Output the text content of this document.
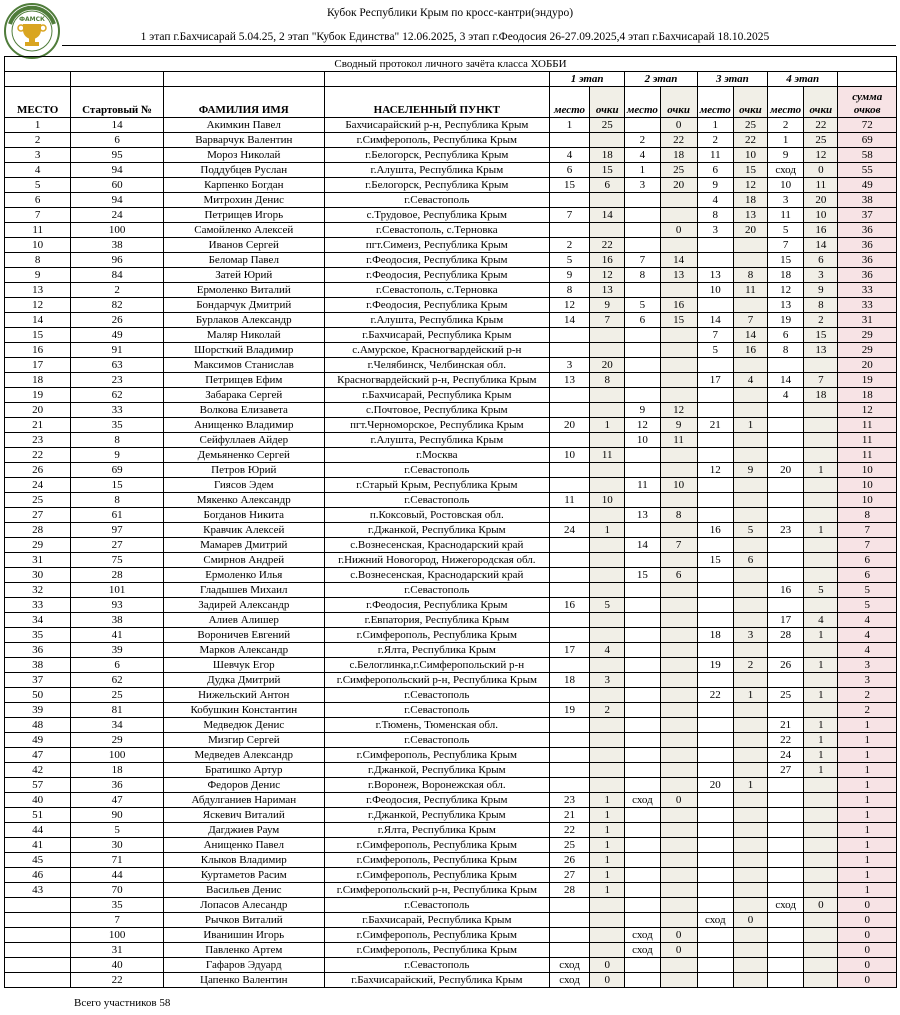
ФАМСК
Кубок Республики Крым по кросс-кантри(эндуро)
1 этап г.Бахчисарай 5.04.25, 2 этап "Кубок Единства" 12.06.2025, 3 этап г.Феодосия 26-27.09.2025,4 этап г.Бахчисарай 18.10.2025
Сводный протокол личного зачёта класса ХОББИ												
				1 этап		2 этап		3 этап		4 этап		
МЕСТО	Стартовый №	ФАМИЛИЯ ИМЯ	НАСЕЛЕННЫЙ ПУНКТ	место	очки	место	очки	место	очки	место	очки	сумма
очков
1	14	Акимкин Павел	Бахчисарайский р-н, Республика Крым	1	25		0	1	25	2	22	72
2	6	Варварчук Валентин	г.Симферополь, Республика Крым			2	22	2	22	1	25	69
3	95	Мороз Николай	г.Белогорск, Республика Крым	4	18	4	18	11	10	9	12	58
4	94	Поддубцев Руслан	г.Алушта, Республика Крым	6	15	1	25	6	15	сход	0	55
5	60	Карпенко Богдан	г.Белогорск, Республика Крым	15	6	3	20	9	12	10	11	49
6	94	Митрохин Денис	г.Севастополь					4	18	3	20	38
7	24	Петрищев Игорь	с.Трудовое, Республика Крым	7	14			8	13	11	10	37
11	100	Самойленко Алексей	г.Севастополь, с.Терновка				0	3	20	5	16	36
10	38	Иванов Сергей	пгт.Симеиз, Республика Крым	2	22					7	14	36
8	96	Беломар Павел	г.Феодосия, Республика Крым	5	16	7	14			15	6	36
9	84	Затей Юрий	г.Феодосия, Республика Крым	9	12	8	13	13	8	18	3	36
13	2	Ермоленко Виталий	г.Севастополь, с.Терновка	8	13			10	11	12	9	33
12	82	Бондарчук Дмитрий	г.Феодосия, Республика Крым	12	9	5	16			13	8	33
14	26	Бурлаков Александр	г.Алушта, Республика Крым	14	7	6	15	14	7	19	2	31
15	49	Маляр Николай	г.Бахчисарай, Республика Крым					7	14	6	15	29
16	91	Шорсткий Владимир	с.Амурское, Красногвардейский р-н					5	16	8	13	29
17	63	Максимов Станислав	г.Челябинск, Челбинская обл.	3	20							20
18	23	Петрищев Ефим	Красногвардейский р-н, Республика Крым	13	8			17	4	14	7	19
19	62	Забарака Сергей	г.Бахчисарай, Республика Крым							4	18	18
20	33	Волкова Елизавета	с.Почтовое, Республика Крым			9	12					12
21	35	Анищенко Владимир	пгт.Черноморское, Республика Крым	20	1	12	9	21	1			11
23	8	Сейфуллаев Айдер	г.Алушта, Республика Крым			10	11					11
22	9	Демьяненко Сергей	г.Москва	10	11							11
26	69	Петров Юрий	г.Севастополь					12	9	20	1	10
24	15	Гиясов Эдем	г.Старый Крым, Республика Крым			11	10					10
25	8	Мякенко Александр	г.Севастополь	11	10							10
27	61	Богданов Никита	п.Коксовый, Ростовская обл.			13	8					8
28	97	Кравчик Алексей	г.Джанкой, Республика Крым	24	1			16	5	23	1	7
29	27	Мамарев Дмитрий	с.Вознесенская, Краснодарский край			14	7					7
31	75	Смирнов Андрей	г.Нижний Новогород, Нижегородская обл.					15	6			6
30	28	Ермоленко Илья	с.Вознесенская, Краснодарский край			15	6					6
32	101	Гладышев Михаил	г.Севастополь							16	5	5
33	93	Задирей Александр	г.Феодосия, Республика Крым	16	5							5
34	38	Алиев Алишер	г.Евпатория, Республика Крым							17	4	4
35	41	Вороничев Евгений	г.Симферополь, Республика Крым					18	3	28	1	4
36	39	Марков Александр	г.Ялта, Республика Крым	17	4							4
38	6	Шевчук Егор	с.Белоглинка,г.Симферопольский р-н					19	2	26	1	3
37	62	Дудка Дмитрий	г.Симферопольский р-н, Республика Крым	18	3							3
50	25	Нижельский Антон	г.Севастополь					22	1	25	1	2
39	81	Кобушкин Константин	г.Севастополь	19	2							2
48	34	Медведюк Денис	г.Тюмень, Тюменская обл.							21	1	1
49	29	Мизгир Сергей	г.Севастополь							22	1	1
47	100	Медведев Александр	г.Симферополь, Республика Крым							24	1	1
42	18	Братишко Артур	г.Джанкой, Республика Крым							27	1	1
57	36	Федоров Денис	г.Воронеж, Воронежская обл.					20	1			1
40	47	Абдулганиев Нариман	г.Феодосия, Республика Крым	23	1	сход	0					1
51	90	Яскевич Виталий	г.Джанкой, Республика Крым	21	1							1
44	5	Дагджиев Раум	г.Ялта, Республика Крым	22	1							1
41	30	Анищенко Павел	г.Симферополь, Республика Крым	25	1							1
45	71	Клыков Владимир	г.Симферополь, Республика Крым	26	1							1
46	44	Куртаметов Расим	г.Симферополь, Республика Крым	27	1							1
43	70	Васильев Денис	г.Симферопольский р-н, Республика Крым	28	1							1
	35	Лопасов Алесандр	г.Севастополь							сход	0	0
	7	Рычков Виталий	г.Бахчисарай, Республика Крым					сход	0			0
	100	Иванишин Игорь	г.Симферополь, Республика Крым			сход	0					0
	31	Павленко Артем	г.Симферополь, Республика Крым			сход	0					0
	40	Гафаров Эдуард	г.Севастополь	сход	0							0
	22	Цапенко Валентин	г.Бахчисарайский, Республика Крым	сход	0							0
Всего участников 58
